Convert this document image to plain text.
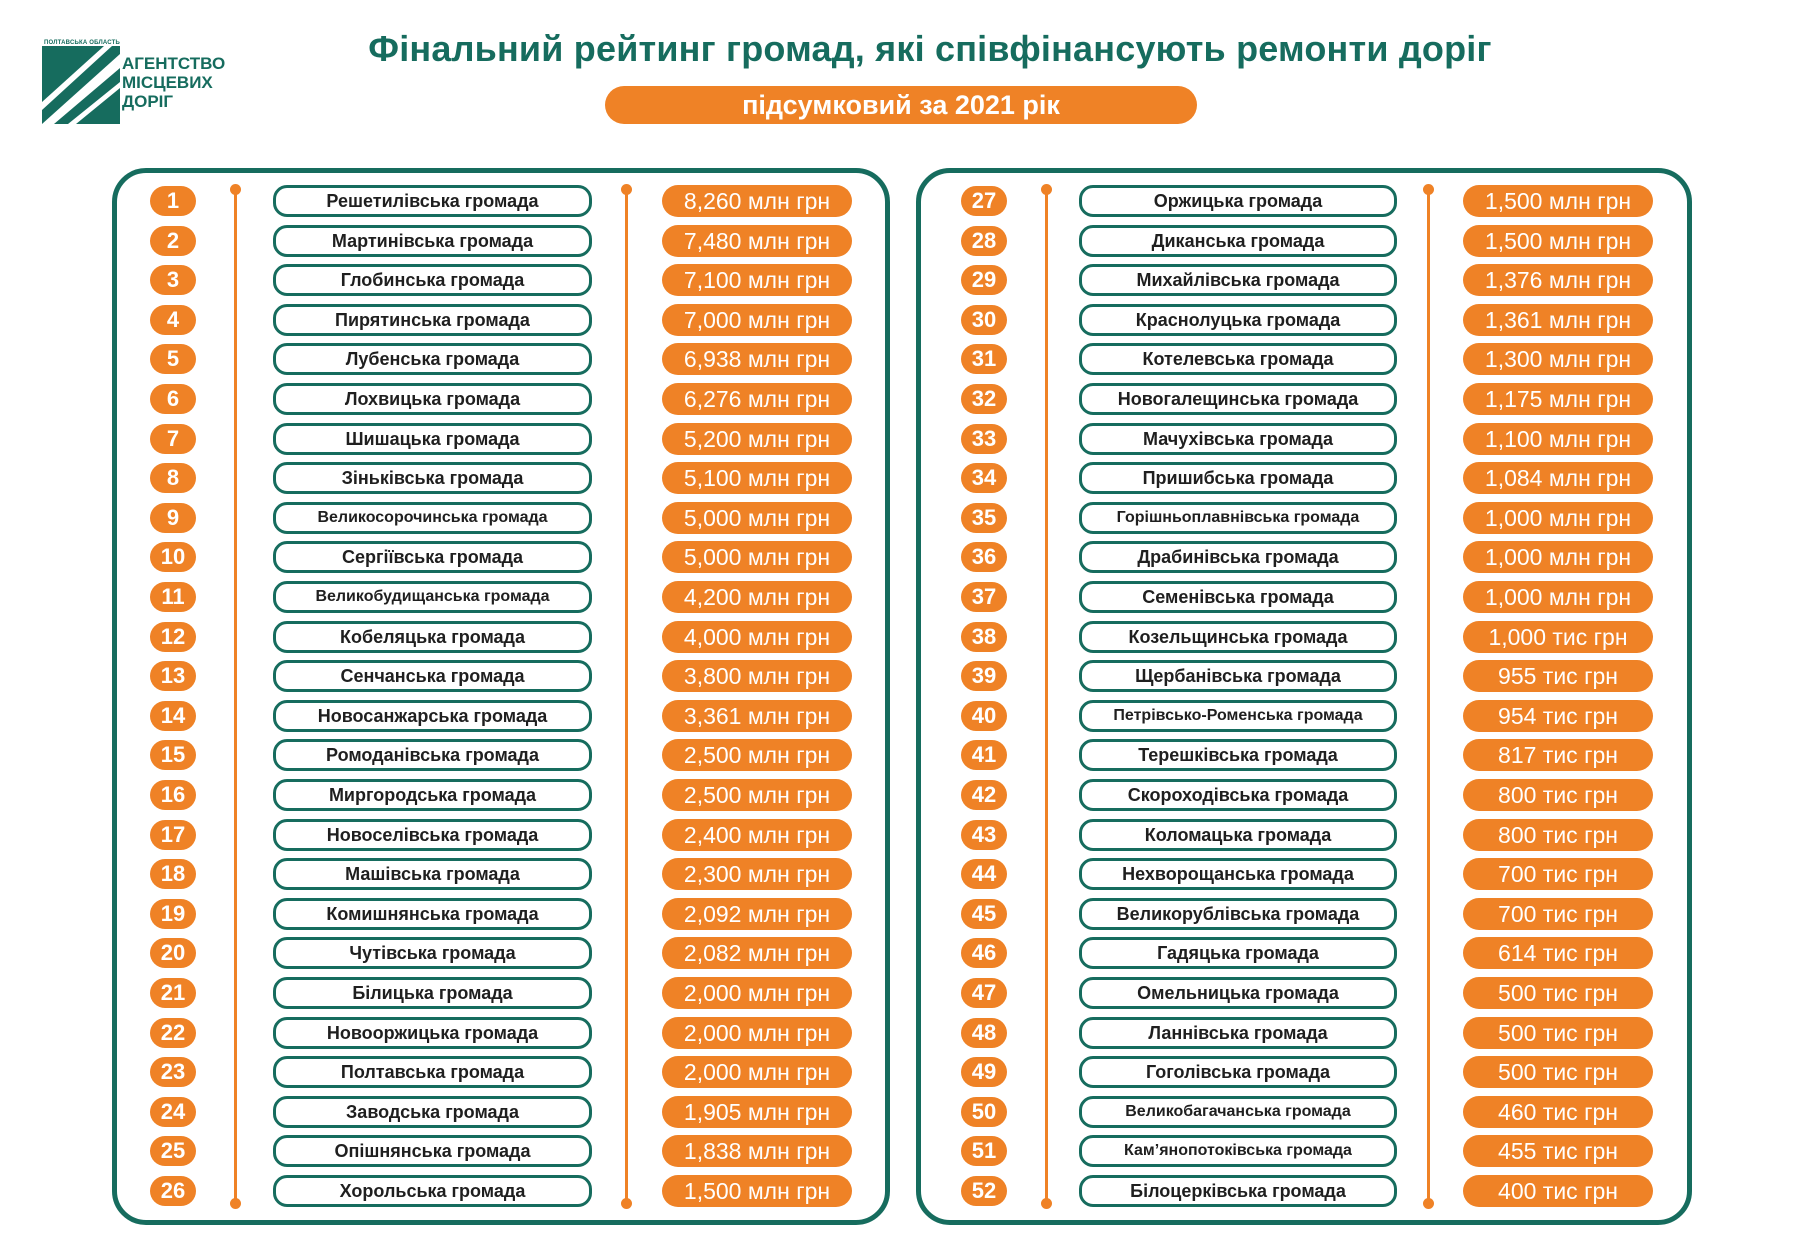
ПОЛТАВСЬКА ОБЛАСТЬ
АГЕНТСТВО
МІСЦЕВИХ
ДОРІГ
Фінальний рейтинг громад, які співфінансують ремонти доріг
підсумковий за 2021 рік
1	Решетилівська громада	8,260 млн грн
2	Мартинівська громада	7,480 млн грн
3	Глобинська громада	7,100 млн грн
4	Пирятинська громада	7,000 млн грн
5	Лубенська громада	6,938 млн грн
6	Лохвицька громада	6,276 млн грн
7	Шишацька громада	5,200 млн грн
8	Зіньківська громада	5,100 млн грн
9	Великосорочинська громада	5,000 млн грн
10	Сергіївська громада	5,000 млн грн
11	Великобудищанська громада	4,200 млн грн
12	Кобеляцька громада	4,000 млн грн
13	Сенчанська громада	3,800 млн грн
14	Новосанжарська громада	3,361 млн грн
15	Ромоданівська громада	2,500 млн грн
16	Миргородська громада	2,500 млн грн
17	Новоселівська громада	2,400 млн грн
18	Машівська громада	2,300 млн грн
19	Комишнянська громада	2,092 млн грн
20	Чутівська громада	2,082 млн грн
21	Білицька громада	2,000 млн грн
22	Новооржицька громада	2,000 млн грн
23	Полтавська громада	2,000 млн грн
24	Заводська громада	1,905 млн грн
25	Опішнянська громада	1,838 млн грн
26	Хорольська громада	1,500 млн грн
27	Оржицька громада	1,500 млн грн
28	Диканська громада	1,500 млн грн
29	Михайлівська громада	1,376 млн грн
30	Краснолуцька громада	1,361 млн грн
31	Котелевська громада	1,300 млн грн
32	Новогалещинська громада	1,175 млн грн
33	Мачухівська громада	1,100 млн грн
34	Пришибська громада	1,084 млн грн
35	Горішньоплавнівська громада	1,000 млн грн
36	Драбинівська громада	1,000 млн грн
37	Семенівська громада	1,000 млн грн
38	Козельщинська громада	1,000 тис грн
39	Щербанівська громада	955 тис грн
40	Петрівсько-Роменська громада	954 тис грн
41	Терешківська громада	817 тис грн
42	Скороходівська громада	800 тис грн
43	Коломацька громада	800 тис грн
44	Нехворощанська громада	700 тис грн
45	Великорублівська громада	700 тис грн
46	Гадяцька громада	614 тис грн
47	Омельницька громада	500 тис грн
48	Ланнівська громада	500 тис грн
49	Гоголівська громада	500 тис грн
50	Великобагачанська громада	460 тис грн
51	Кам’янопотоківська громада	455 тис грн
52	Білоцерківська громада	400 тис грн
